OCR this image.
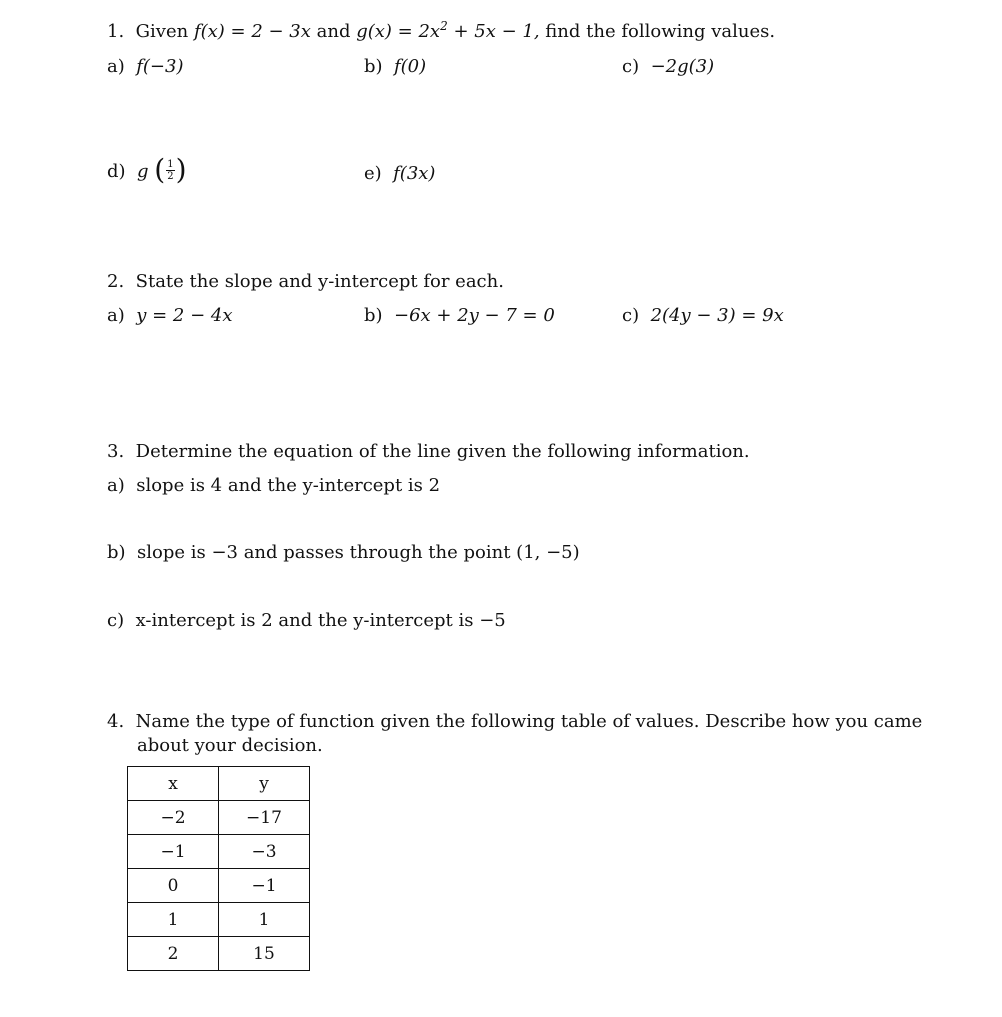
1. Given f(x) = 2 − 3x and $g(x) = 2x^2 + 5x - 1$, find the following values.
a) f(−3)	b) f(0)	c) −2g(3)
d) g ( $\frac{1}{2}$ )	e) f(3x)
2. State the slope and y-intercept for each.
a) y = 2 − 4x	b) −6x + 2y − 7 = 0	c) 2(4y − 3) = 9x
3. Determine the equation of the line given the following information.
a) slope is 4 and the y-intercept is 2
b) slope is −3 and passes through the point (1, −5)
c) x-intercept is 2 and the y-intercept is −5
4. Name the type of function given the following table of values. Describe how you came
about your decision.
x	y
−2	−17
−1	−3
0	−1
1	1
2	15
